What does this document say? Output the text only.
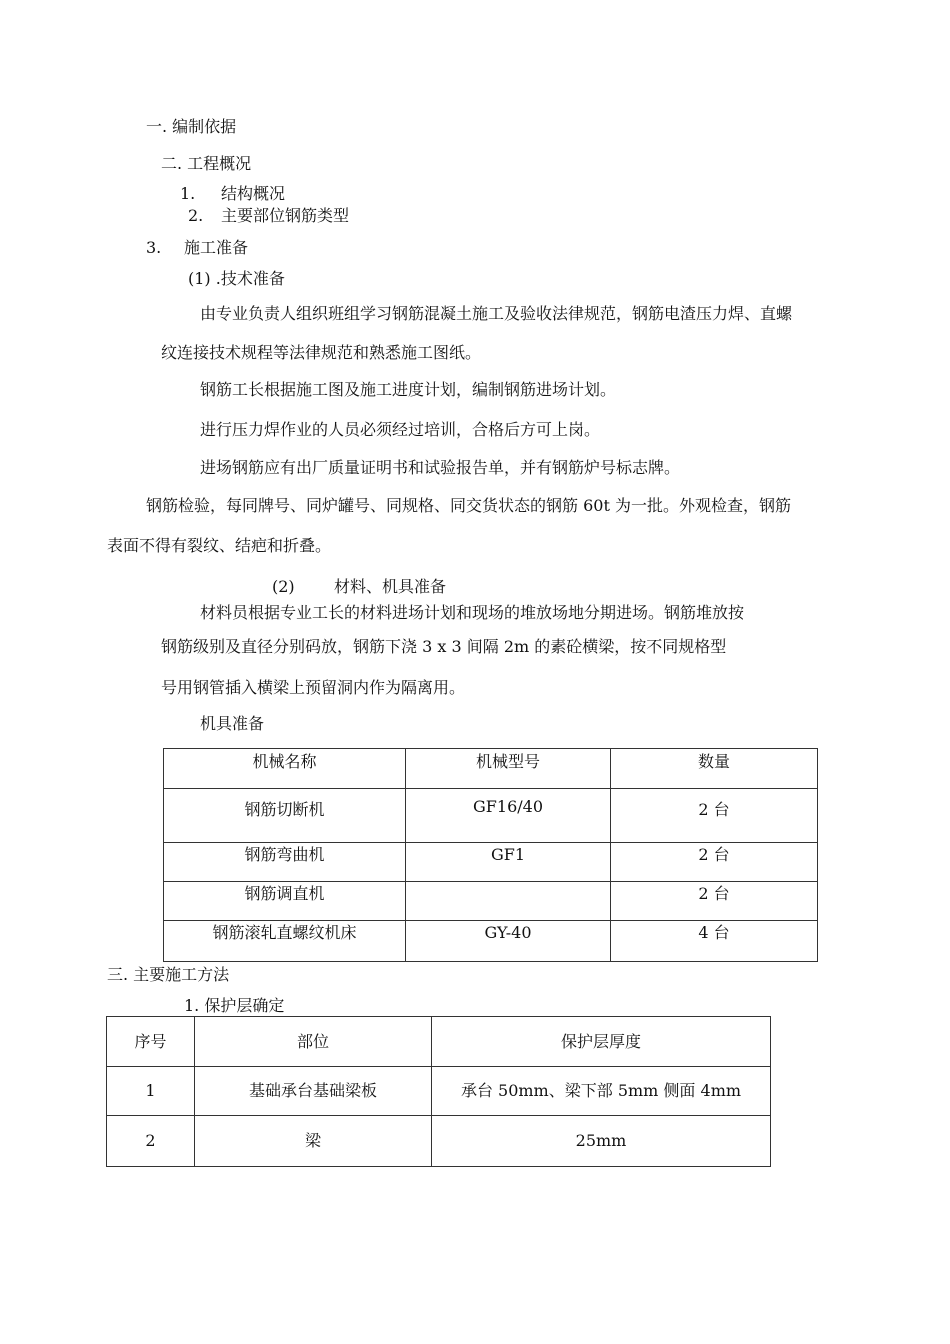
一. 编制依据
二. 工程概况
1. 结构概况
2. 主要部位钢筋类型
3. 施工准备
(1) .技术准备
由专业负责人组织班组学习钢筋混凝土施工及验收法律规范，钢筋电渣压力焊、直螺
纹连接技术规程等法律规范和熟悉施工图纸。
钢筋工长根据施工图及施工进度计划，编制钢筋进场计划。
进行压力焊作业的人员必须经过培训，合格后方可上岗。
进场钢筋应有出厂质量证明书和试验报告单，并有钢筋炉号标志牌。
钢筋检验，每同牌号、同炉罐号、同规格、同交货状态的钢筋 60t 为一批。外观检查，钢筋
表面不得有裂纹、结疤和折叠。
(2) 材料、机具准备
材料员根据专业工长的材料进场计划和现场的堆放场地分期进场。钢筋堆放按
钢筋级别及直径分别码放，钢筋下浇 3 x 3 间隔 2m 的素砼横梁，按不同规格型
号用钢管插入横梁上预留洞内作为隔离用。
机具准备
机械名称	机械型号	数量
钢筋切断机	GF16/40	2 台
钢筋弯曲机	GF1	2 台
钢筋调直机		2 台
钢筋滚轧直螺纹机床	GY-40	4 台
三. 主要施工方法
1. 保护层确定
序号	部位	保护层厚度
1	基础承台基础梁板	承台 50mm、梁下部 5mm 侧面 4mm
2	梁	25mm
